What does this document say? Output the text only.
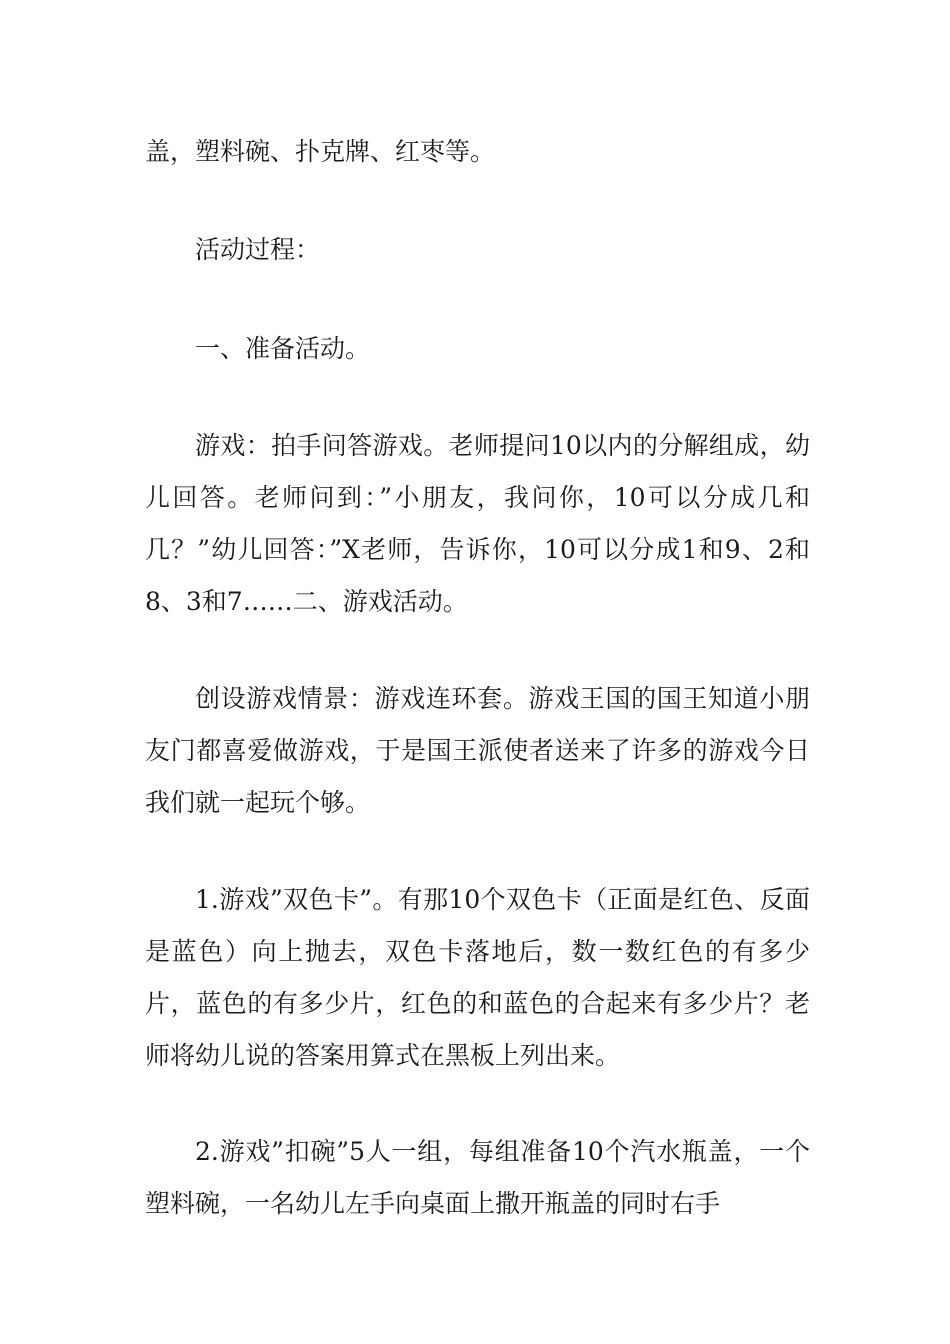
盖，塑料碗、扑克牌、红枣等。

活动过程：

一、准备活动。

游戏：拍手问答游戏。老师提问10以内的分解组成，幼儿回答。老师问到：”小朋友，我问你，10可以分成几和几？”幼儿回答：”X老师，告诉你，10可以分成1和9、2和8、3和7……二、游戏活动。

创设游戏情景：游戏连环套。游戏王国的国王知道小朋友门都喜爱做游戏，于是国王派使者送来了许多的游戏今日我们就一起玩个够。

1.游戏”双色卡”。有那10个双色卡（正面是红色、反面是蓝色）向上抛去，双色卡落地后，数一数红色的有多少片，蓝色的有多少片，红色的和蓝色的合起来有多少片？老师将幼儿说的答案用算式在黑板上列出来。

2.游戏”扣碗”5人一组，每组准备10个汽水瓶盖，一个塑料碗，一名幼儿左手向桌面上撒开瓶盖的同时右手
